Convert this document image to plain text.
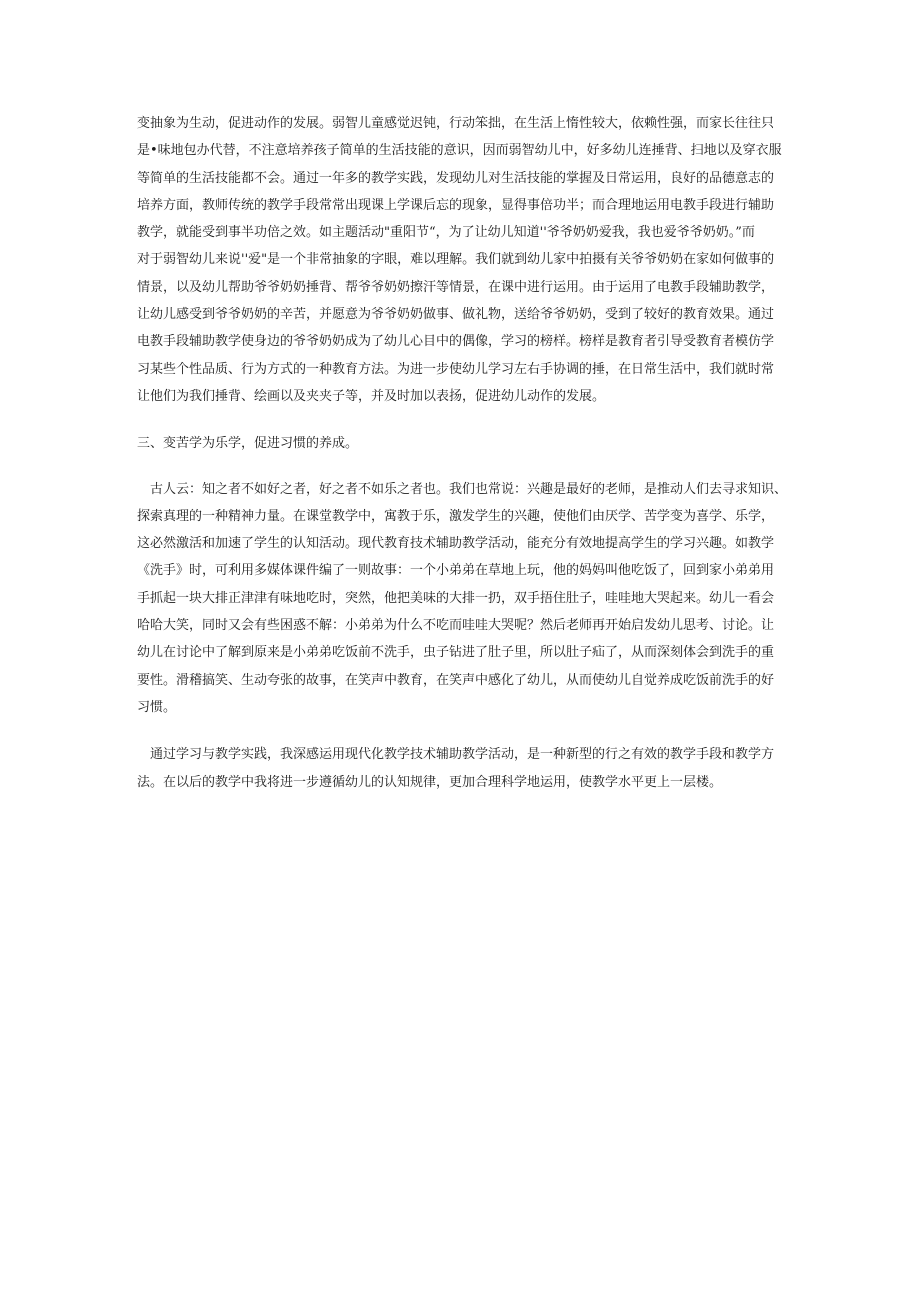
变抽象为生动，促进动作的发展。弱智儿童感觉迟钝，行动笨拙，在生活上惰性较大，依赖性强，而家长往往只
是•味地包办代替，不注意培养孩子简单的生活技能的意识，因而弱智幼儿中，好多幼儿连捶背、扫地以及穿衣服
等简单的生活技能都不会。通过一年多的教学实践，发现幼儿对生活技能的掌握及日常运用，良好的品德意志的
培养方面，教师传统的教学手段常常出现课上学课后忘的现象，显得事倍功半；而合理地运用电教手段进行辅助
教学，就能受到事半功倍之效。如主题活动"重阳节“，为了让幼儿知道''爷爷奶奶爱我，我也爱爷爷奶奶。”而
对于弱智幼儿来说''爱"是一个非常抽象的字眼，难以理解。我们就到幼儿家中拍摄有关爷爷奶奶在家如何做事的
情景，以及幼儿帮助爷爷奶奶捶背、帮爷爷奶奶擦汗等情景，在课中进行运用。由于运用了电教手段辅助教学，
让幼儿感受到爷爷奶奶的辛苦，并愿意为爷爷奶奶做事、做礼物，送给爷爷奶奶，受到了较好的教育效果。通过
电教手段辅助教学使身边的爷爷奶奶成为了幼儿心目中的偶像，学习的榜样。榜样是教育者引导受教育者模仿学
习某些个性品质、行为方式的一种教育方法。为进一步使幼儿学习左右手协调的捶，在日常生活中，我们就时常
让他们为我们捶背、绘画以及夹夹子等，并及时加以表扬，促进幼儿动作的发展。
三、变苦学为乐学，促进习惯的养成。
古人云：知之者不如好之者，好之者不如乐之者也。我们也常说：兴趣是最好的老师，是推动人们去寻求知识、
探索真理的一种精神力量。在课堂教学中，寓教于乐，激发学生的兴趣，使他们由厌学、苦学变为喜学、乐学，
这必然激活和加速了学生的认知活动。现代教育技术辅助教学活动，能充分有效地提高学生的学习兴趣。如教学
《洗手》时，可利用多媒体课件编了一则故事：一个小弟弟在草地上玩，他的妈妈叫他吃饭了，回到家小弟弟用
手抓起一块大排正津津有味地吃时，突然，他把美味的大排一扔，双手捂住肚子，哇哇地大哭起来。幼儿一看会
哈哈大笑，同时又会有些困惑不解：小弟弟为什么不吃而哇哇大哭呢？然后老师再开始启发幼儿思考、讨论。让
幼儿在讨论中了解到原来是小弟弟吃饭前不洗手，虫子钻进了肚子里，所以肚子疝了，从而深刻体会到洗手的重
要性。滑稽搞笑、生动夸张的故事，在笑声中教育，在笑声中感化了幼儿，从而使幼儿自觉养成吃饭前洗手的好
习惯。
通过学习与教学实践，我深感运用现代化教学技术辅助教学活动，是一种新型的行之有效的教学手段和教学方
法。在以后的教学中我将进一步遵循幼儿的认知规律，更加合理科学地运用，使教学水平更上一层楼。
